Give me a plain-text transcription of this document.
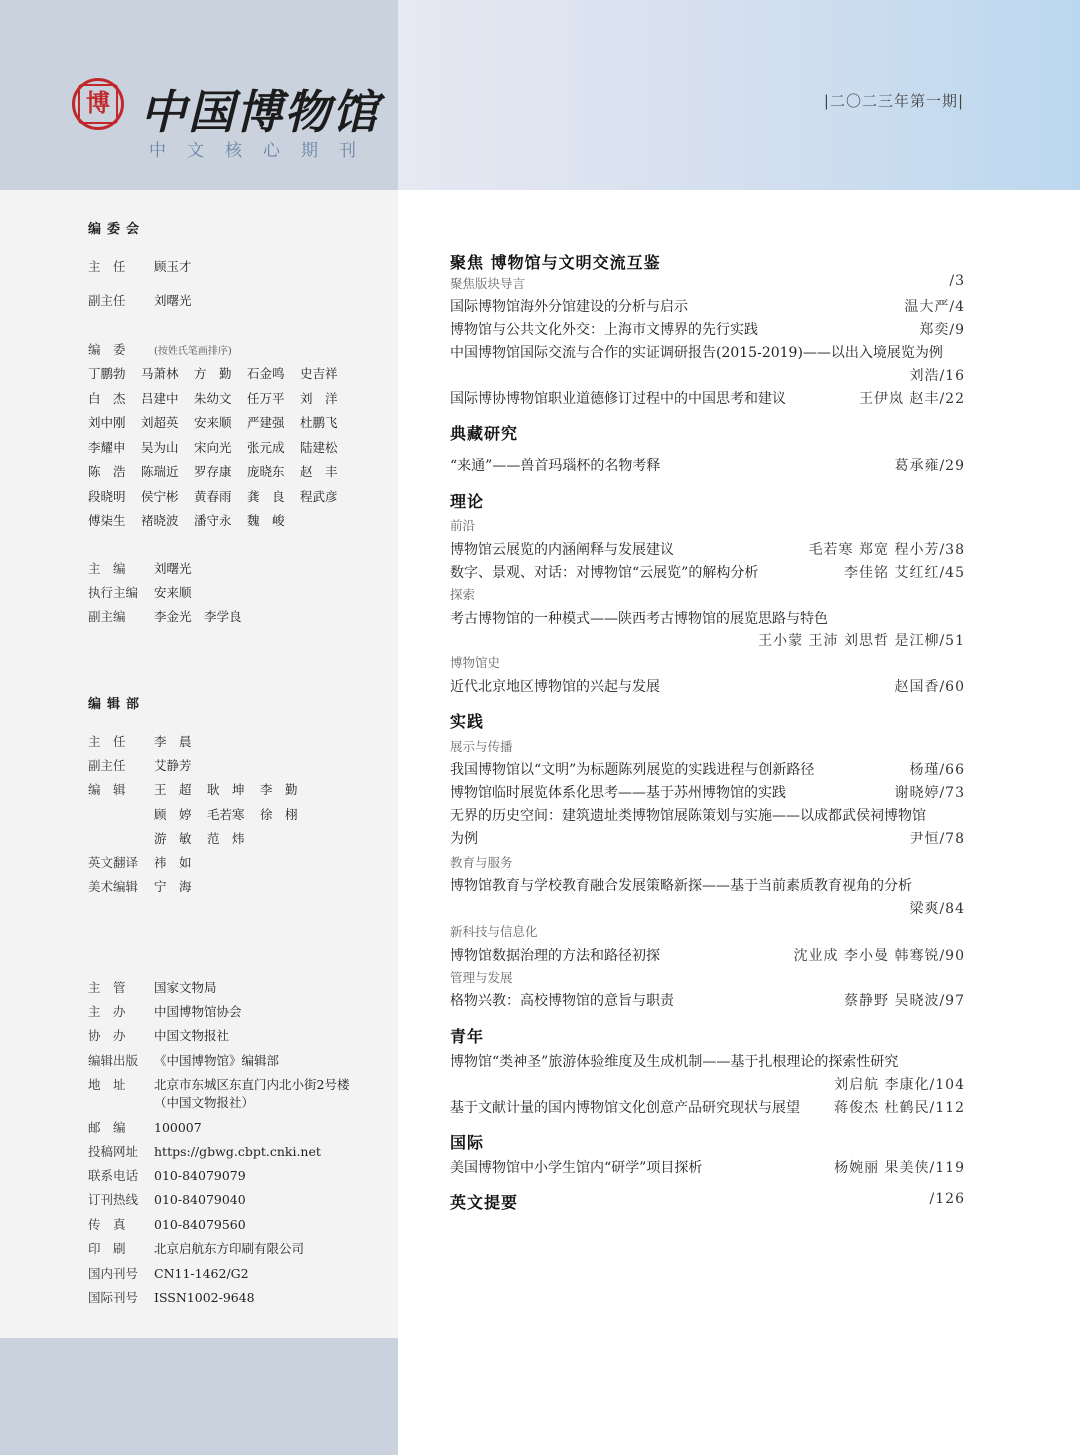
博 中国博物馆
中文核心期刊
|二〇二三年第一期|
编委会
主　任 顾玉才
副主任 刘曙光
编　委	(按姓氏笔画排序)
丁鹏勃 马萧林 方　勤 石金鸣 史吉祥
白　杰 吕建中 朱幼文 任万平 刘　洋
刘中刚 刘超英 安来顺 严建强 杜鹏飞
李耀申 吴为山 宋向光 张元成 陆建松
陈　浩 陈瑞近 罗存康 庞晓东 赵　丰
段晓明 侯宁彬 黄春雨 龚　良 程武彦
傅柒生 褚晓波 潘守永 魏　峻
主　编 刘曙光
执行主编 安来顺
副主编 李金光　李学良
编辑部
主　任 李　晨
副主任 艾静芳
编　辑	王　超 耿　坤 李　勤
顾　婷 毛若寒 徐　栩
游　敏 范　炜
英文翻译 祎　如
美术编辑 宁　海
主　管 国家文物局
主　办 中国博物馆协会
协　办 中国文物报社
编辑出版 《中国博物馆》编辑部
地　址 北京市东城区东直门内北小街2号楼
（中国文物报社）
邮　编 100007
投稿网址 https://gbwg.cbpt.cnki.net
联系电话 010-84079079
订刊热线 010-84079040
传　真 010-84079560
印　刷 北京启航东方印刷有限公司
国内刊号 CN11-1462/G2
国际刊号 ISSN1002-9648
聚焦 博物馆与文明交流互鉴
聚焦版块导言	/3
国际博物馆海外分馆建设的分析与启示	温大严/4
博物馆与公共文化外交：上海市文博界的先行实践	郑奕/9
中国博物馆国际交流与合作的实证调研报告(2015-2019)——以出入境展览为例
刘浩/16
国际博协博物馆职业道德修订过程中的中国思考和建议	王伊岚 赵丰/22
典藏研究
“来通”——兽首玛瑙杯的名物考释	葛承雍/29
理论
前沿
博物馆云展览的内涵阐释与发展建议	毛若寒 郑宽 程小芳/38
数字、景观、对话：对博物馆“云展览”的解构分析	李佳铭 艾红红/45
探索
考古博物馆的一种模式——陕西考古博物馆的展览思路与特色
王小蒙 王沛 刘思哲 是江柳/51
博物馆史
近代北京地区博物馆的兴起与发展	赵国香/60
实践
展示与传播
我国博物馆以“文明”为标题陈列展览的实践进程与创新路径	杨瑾/66
博物馆临时展览体系化思考——基于苏州博物馆的实践	谢晓婷/73
无界的历史空间：建筑遗址类博物馆展陈策划与实施——以成都武侯祠博物馆
为例	尹恒/78
教育与服务
博物馆教育与学校教育融合发展策略新探——基于当前素质教育视角的分析
梁爽/84
新科技与信息化
博物馆数据治理的方法和路径初探	沈业成 李小曼 韩骞锐/90
管理与发展
格物兴教：高校博物馆的意旨与职责	蔡静野 吴晓波/97
青年
博物馆“类神圣”旅游体验维度及生成机制——基于扎根理论的探索性研究
刘启航 李康化/104
基于文献计量的国内博物馆文化创意产品研究现状与展望 蒋俊杰 杜鹤民/112
国际
美国博物馆中小学生馆内“研学”项目探析	杨婉丽 果美侠/119
英文提要	/126
